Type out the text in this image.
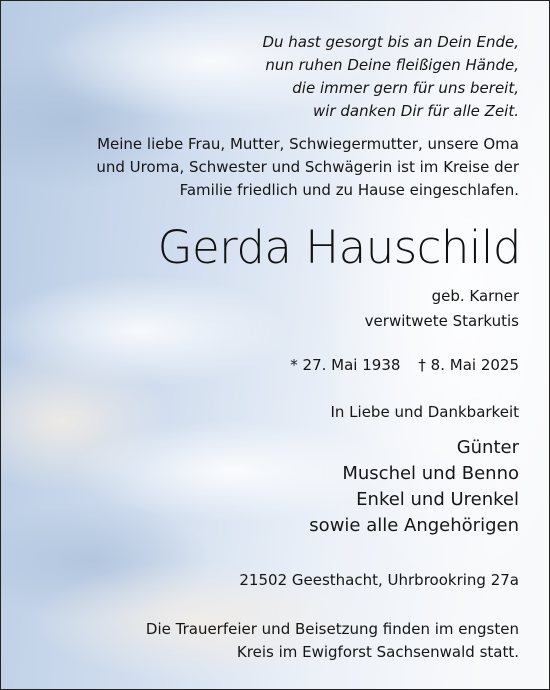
Du hast gesorgt bis an Dein Ende,
nun ruhen Deine fleißigen Hände,
die immer gern für uns bereit,
wir danken Dir für alle Zeit.
Meine liebe Frau, Mutter, Schwiegermutter, unsere Oma
und Uroma, Schwester und Schwägerin ist im Kreise der
Familie friedlich und zu Hause eingeschlafen.
Gerda Hauschild
geb. Karner
verwitwete Starkutis
* 27. Mai 1938 † 8. Mai 2025
In Liebe und Dankbarkeit
Günter
Muschel und Benno
Enkel und Urenkel
sowie alle Angehörigen
21502 Geesthacht, Uhrbrookring 27a
Die Trauerfeier und Beisetzung finden im engsten
Kreis im Ewigforst Sachsenwald statt.
